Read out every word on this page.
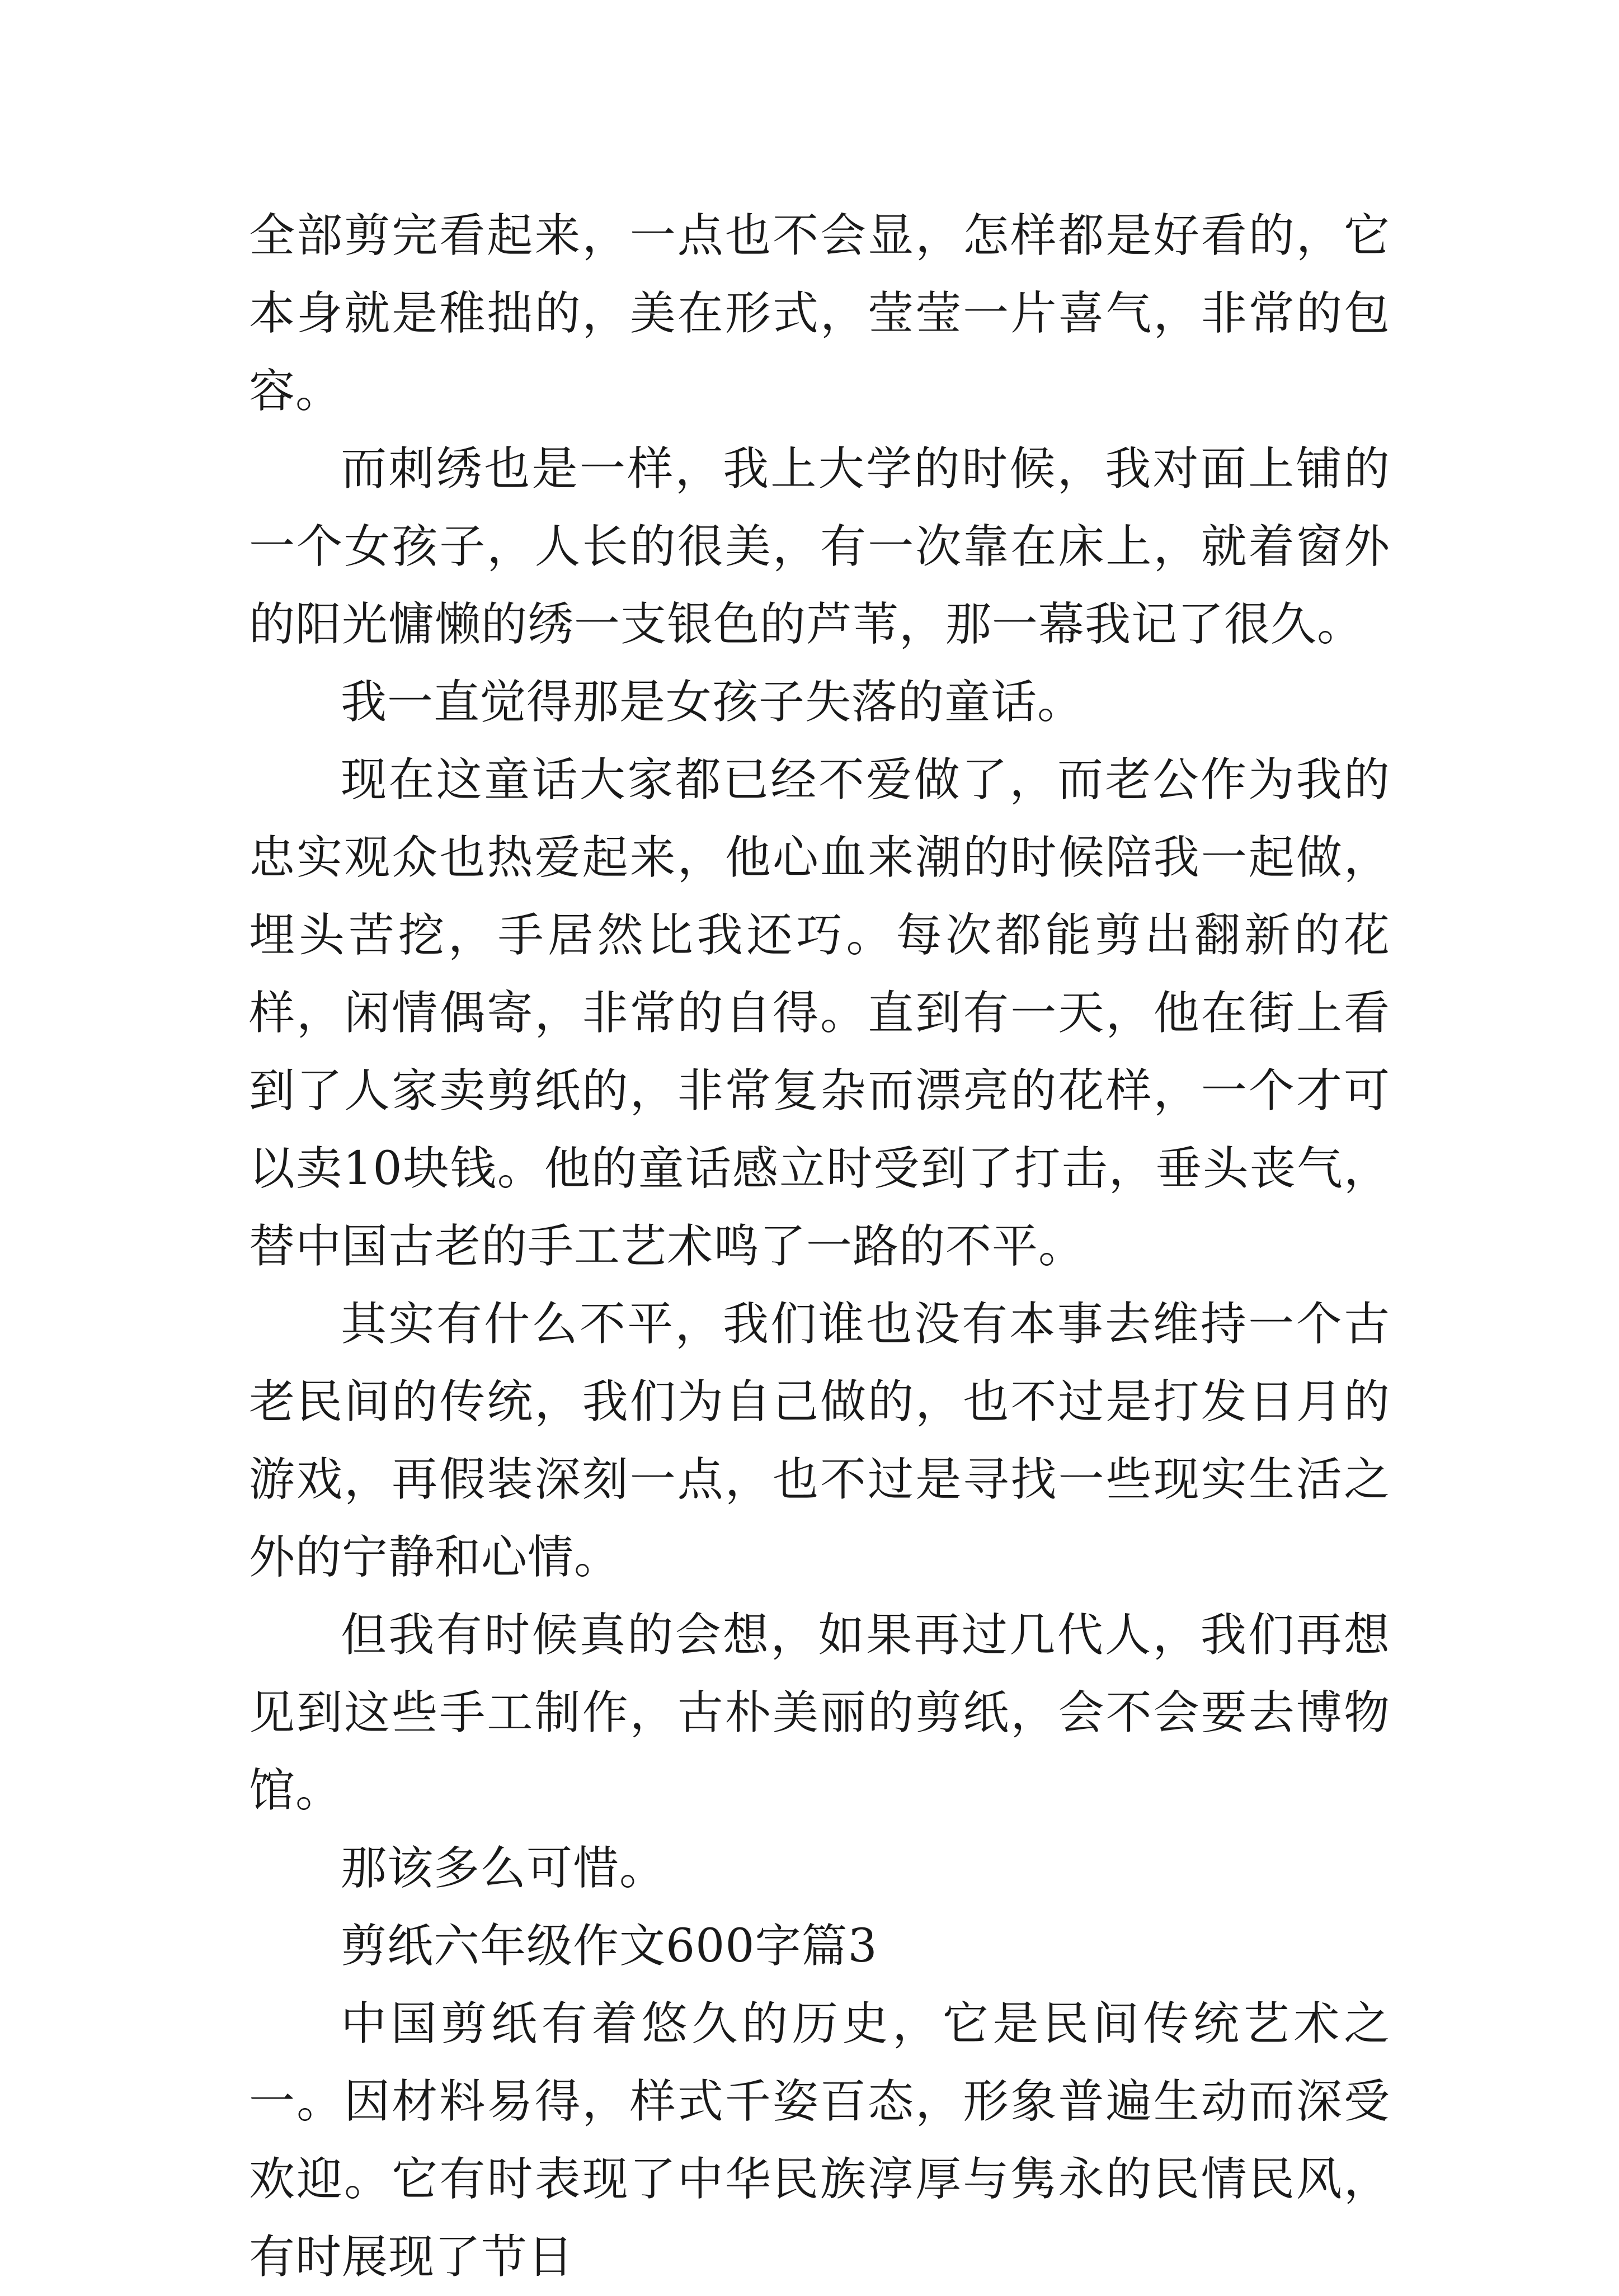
全部剪完看起来，一点也不会显，怎样都是好看的，它本身就是稚拙的，美在形式，莹莹一片喜气，非常的包容。

而刺绣也是一样，我上大学的时候，我对面上铺的一个女孩子，人长的很美，有一次靠在床上，就着窗外的阳光慵懒的绣一支银色的芦苇，那一幕我记了很久。

我一直觉得那是女孩子失落的童话。

现在这童话大家都已经不爱做了，而老公作为我的忠实观众也热爱起来，他心血来潮的时候陪我一起做，埋头苦挖，手居然比我还巧。每次都能剪出翻新的花样，闲情偶寄，非常的自得。直到有一天，他在街上看到了人家卖剪纸的，非常复杂而漂亮的花样，一个才可以卖10块钱。他的童话感立时受到了打击，垂头丧气，替中国古老的手工艺术鸣了一路的不平。

其实有什么不平，我们谁也没有本事去维持一个古老民间的传统，我们为自己做的，也不过是打发日月的游戏，再假装深刻一点，也不过是寻找一些现实生活之外的宁静和心情。

但我有时候真的会想，如果再过几代人，我们再想见到这些手工制作，古朴美丽的剪纸，会不会要去博物馆。

那该多么可惜。

剪纸六年级作文600字篇3

中国剪纸有着悠久的历史，它是民间传统艺术之一。因材料易得，样式千姿百态，形象普遍生动而深受欢迎。它有时表现了中华民族淳厚与隽永的民情民风，有时展现了节日
